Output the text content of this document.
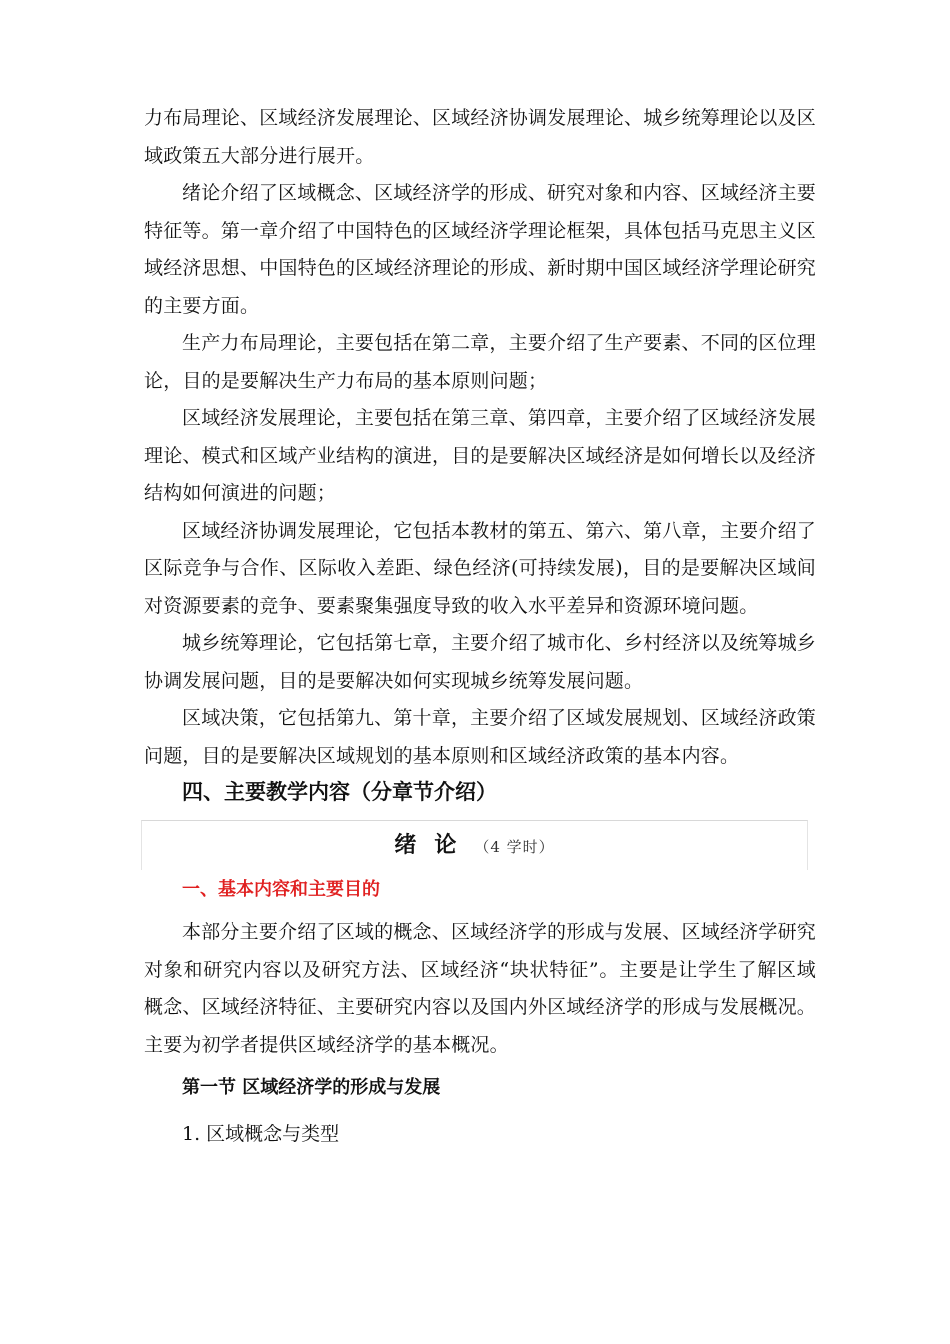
力布局理论、区域经济发展理论、区域经济协调发展理论、城乡统筹理论以及区域政策五大部分进行展开。

绪论介绍了区域概念、区域经济学的形成、研究对象和内容、区域经济主要特征等。第一章介绍了中国特色的区域经济学理论框架，具体包括马克思主义区域经济思想、中国特色的区域经济理论的形成、新时期中国区域经济学理论研究的主要方面。

生产力布局理论，主要包括在第二章，主要介绍了生产要素、不同的区位理论，目的是要解决生产力布局的基本原则问题；

区域经济发展理论，主要包括在第三章、第四章，主要介绍了区域经济发展理论、模式和区域产业结构的演进，目的是要解决区域经济是如何增长以及经济结构如何演进的问题；

区域经济协调发展理论，它包括本教材的第五、第六、第八章，主要介绍了区际竞争与合作、区际收入差距、绿色经济(可持续发展)，目的是要解决区域间对资源要素的竞争、要素聚集强度导致的收入水平差异和资源环境问题。

城乡统筹理论，它包括第七章，主要介绍了城市化、乡村经济以及统筹城乡协调发展问题，目的是要解决如何实现城乡统筹发展问题。

区域决策，它包括第九、第十章，主要介绍了区域发展规划、区域经济政策问题，目的是要解决区域规划的基本原则和区域经济政策的基本内容。

四、主要教学内容（分章节介绍）
绪论（4 学时）
一、基本内容和主要目的

本部分主要介绍了区域的概念、区域经济学的形成与发展、区域经济学研究对象和研究内容以及研究方法、区域经济“块状特征”。主要是让学生了解区域概念、区域经济特征、主要研究内容以及国内外区域经济学的形成与发展概况。主要为初学者提供区域经济学的基本概况。

第一节 区域经济学的形成与发展

1. 区域概念与类型
